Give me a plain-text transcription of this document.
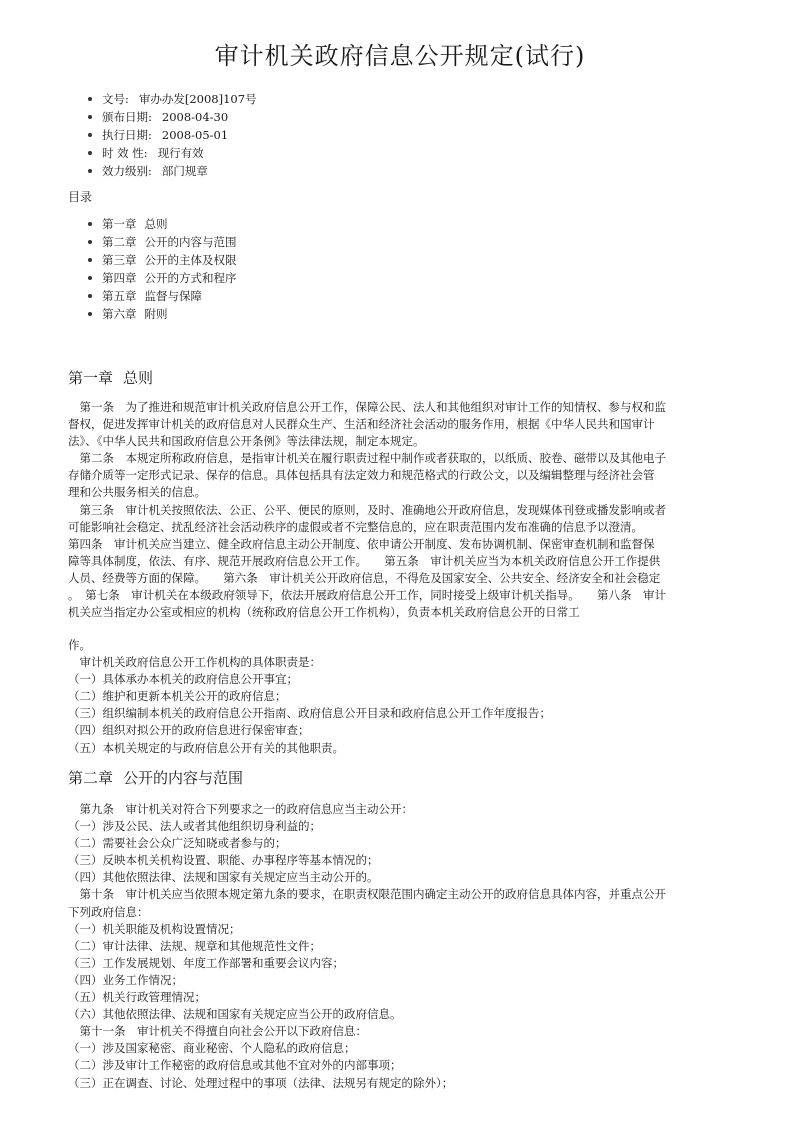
审计机关政府信息公开规定(试行)
文号: 审办办发[2008]107号
颁布日期: 2008-04-30
执行日期: 2008-05-01
时 效 性: 现行有效
效力级别: 部门规章
目录
第一章 总则
第二章 公开的内容与范围
第三章 公开的主体及权限
第四章 公开的方式和程序
第五章 监督与保障
第六章 附则
第一章 总则
　第一条　为了推进和规范审计机关政府信息公开工作，保障公民、法人和其他组织对审计工作的知情权、参与权和监
督权，促进发挥审计机关的政府信息对人民群众生产、生活和经济社会活动的服务作用，根据《中华人民共和国审计
法》、《中华人民共和国政府信息公开条例》等法律法规，制定本规定。
　第二条　本规定所称政府信息，是指审计机关在履行职责过程中制作或者获取的，以纸质、胶卷、磁带以及其他电子
存储介质等一定形式记录、保存的信息。具体包括具有法定效力和规范格式的行政公文，以及编辑整理与经济社会管
理和公共服务相关的信息。
　第三条　审计机关按照依法、公正、公平、便民的原则，及时、准确地公开政府信息，发现媒体刊登或播发影响或者
可能影响社会稳定、扰乱经济社会活动秩序的虚假或者不完整信息的，应在职责范围内发布准确的信息予以澄清。
第四条　审计机关应当建立、健全政府信息主动公开制度、依申请公开制度、发布协调机制、保密审查机制和监督保
障等具体制度，依法、有序、规范开展政府信息公开工作。　　第五条　审计机关应当为本机关政府信息公开工作提供
人员、经费等方面的保障。　　第六条　审计机关公开政府信息，不得危及国家安全、公共安全、经济安全和社会稳定
。　第七条　审计机关在本级政府领导下，依法开展政府信息公开工作，同时接受上级审计机关指导。　　第八条　审计
机关应当指定办公室或相应的机构（统称政府信息公开工作机构），负责本机关政府信息公开的日常工
作。
　审计机关政府信息公开工作机构的具体职责是：
（一）具体承办本机关的政府信息公开事宜；
（二）维护和更新本机关公开的政府信息；
（三）组织编制本机关的政府信息公开指南、政府信息公开目录和政府信息公开工作年度报告；
（四）组织对拟公开的政府信息进行保密审查；
（五）本机关规定的与政府信息公开有关的其他职责。
第二章 公开的内容与范围
　第九条　审计机关对符合下列要求之一的政府信息应当主动公开：
（一）涉及公民、法人或者其他组织切身利益的；
（二）需要社会公众广泛知晓或者参与的；
（三）反映本机关机构设置、职能、办事程序等基本情况的；
（四）其他依照法律、法规和国家有关规定应当主动公开的。
　第十条　审计机关应当依照本规定第九条的要求，在职责权限范围内确定主动公开的政府信息具体内容，并重点公开
下列政府信息：
（一）机关职能及机构设置情况；
（二）审计法律、法规、规章和其他规范性文件；
（三）工作发展规划、年度工作部署和重要会议内容；
（四）业务工作情况；
（五）机关行政管理情况；
（六）其他依照法律、法规和国家有关规定应当公开的政府信息。
　第十一条　审计机关不得擅自向社会公开以下政府信息：
（一）涉及国家秘密、商业秘密、个人隐私的政府信息；
（二）涉及审计工作秘密的政府信息或其他不宜对外的内部事项；
（三）正在调查、讨论、处理过程中的事项（法律、法规另有规定的除外）；
